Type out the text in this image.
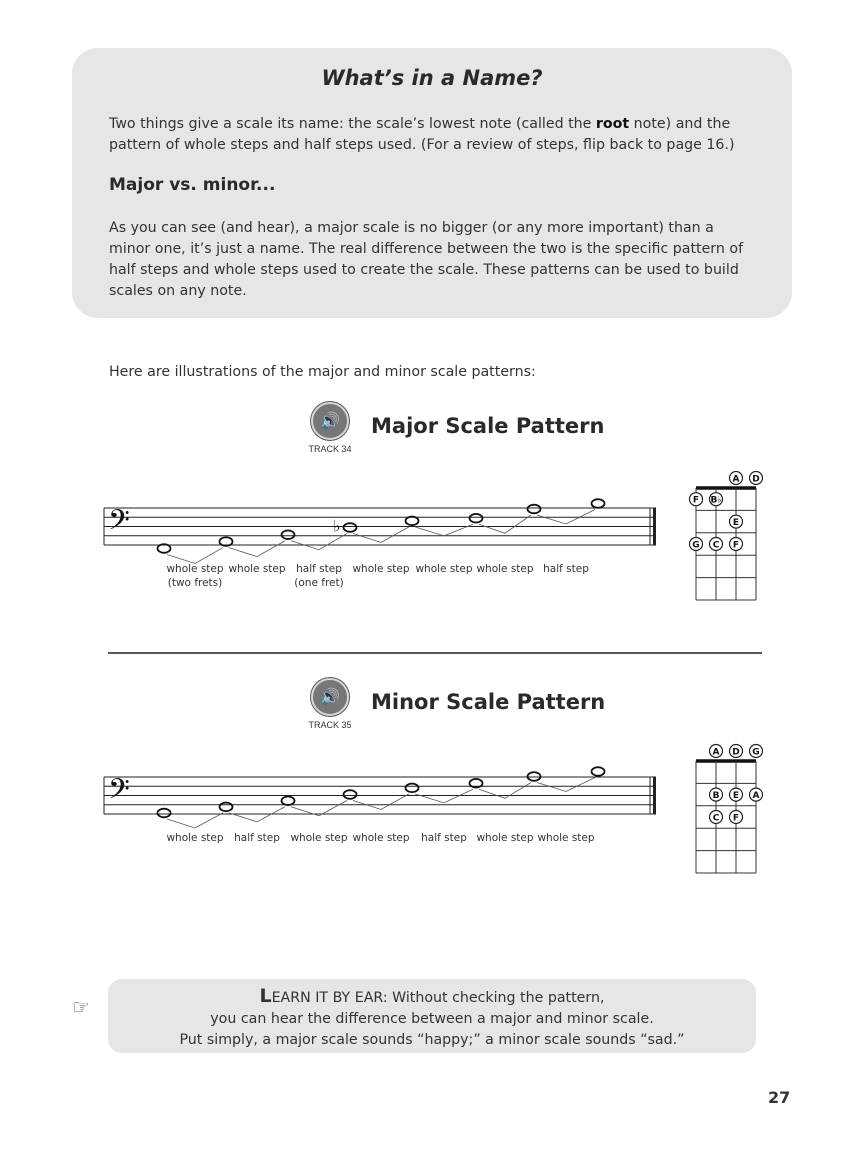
What’s in a Name?
Two things give a scale its name: the scale’s lowest note (called the root note) and the pattern of whole steps and half steps used. (For a review of steps, flip back to page 16.)
Major vs. minor...
As you can see (and hear), a major scale is no bigger (or any more important) than a minor one, it’s just a name. The real difference between the two is the specific pattern of half steps and whole steps used to create the scale. These patterns can be used to build scales on any note.
Here are illustrations of the major and minor scale patterns:
🔊
TRACK 34
Major Scale Pattern
🔊
TRACK 35
Minor Scale Pattern
𝄢	♭
whole step
(two frets)
whole step half step
(one fret)
whole step whole step whole step half step
A D
F B♭
E
G C F
𝄢
whole step half step whole step whole step half step whole step whole step
A D G
B E A
C F
☞	LEARN IT BY EAR: Without checking the pattern,
you can hear the difference between a major and minor scale.
Put simply, a major scale sounds “happy;” a minor scale sounds “sad.”
27
